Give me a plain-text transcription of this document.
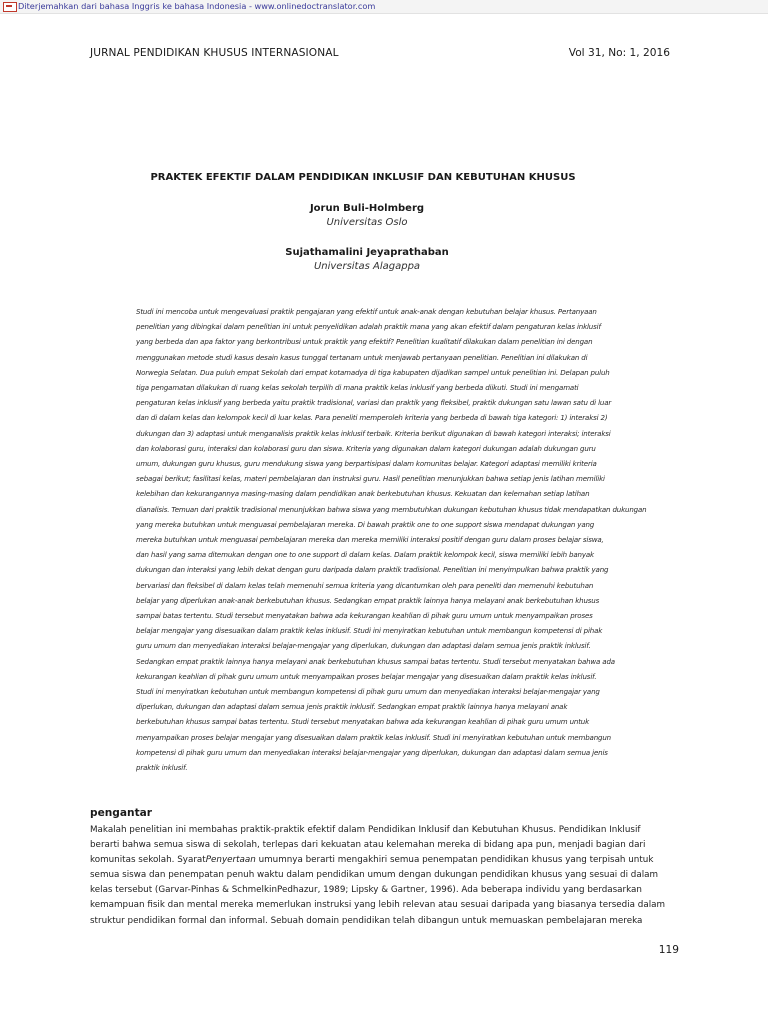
Diterjemahkan dari bahasa Inggris ke bahasa Indonesia - www.onlinedoctranslator.com
JURNAL PENDIDIKAN KHUSUS INTERNASIONAL	Vol 31, No: 1, 2016
PRAKTEK EFEKTIF DALAM PENDIDIKAN INKLUSIF DAN KEBUTUHAN KHUSUS
Jorun Buli-Holmberg
Universitas Oslo
Sujathamalini Jeyaprathaban
Universitas Alagappa
Studi ini mencoba untuk mengevaluasi praktik pengajaran yang efektif untuk anak-anak dengan kebutuhan belajar khusus. Pertanyaan
penelitian yang dibingkai dalam penelitian ini untuk penyelidikan adalah praktik mana yang akan efektif dalam pengaturan kelas inklusif
yang berbeda dan apa faktor yang berkontribusi untuk praktik yang efektif? Penelitian kualitatif dilakukan dalam penelitian ini dengan
menggunakan metode studi kasus desain kasus tunggal tertanam untuk menjawab pertanyaan penelitian. Penelitian ini dilakukan di
Norwegia Selatan. Dua puluh empat Sekolah dari empat kotamadya di tiga kabupaten dijadikan sampel untuk penelitian ini. Delapan puluh
tiga pengamatan dilakukan di ruang kelas sekolah terpilih di mana praktik kelas inklusif yang berbeda diikuti. Studi ini mengamati
pengaturan kelas inklusif yang berbeda yaitu praktik tradisional, variasi dan praktik yang fleksibel, praktik dukungan satu lawan satu di luar
dan di dalam kelas dan kelompok kecil di luar kelas. Para peneliti memperoleh kriteria yang berbeda di bawah tiga kategori: 1) interaksi 2)
dukungan dan 3) adaptasi untuk menganalisis praktik kelas inklusif terbaik. Kriteria berikut digunakan di bawah kategori interaksi; interaksi
dan kolaborasi guru, interaksi dan kolaborasi guru dan siswa. Kriteria yang digunakan dalam kategori dukungan adalah dukungan guru
umum, dukungan guru khusus, guru mendukung siswa yang berpartisipasi dalam komunitas belajar. Kategori adaptasi memiliki kriteria
sebagai berikut; fasilitasi kelas, materi pembelajaran dan instruksi guru. Hasil penelitian menunjukkan bahwa setiap jenis latihan memiliki
kelebihan dan kekurangannya masing-masing dalam pendidikan anak berkebutuhan khusus. Kekuatan dan kelemahan setiap latihan
dianalisis. Temuan dari praktik tradisional menunjukkan bahwa siswa yang membutuhkan dukungan kebutuhan khusus tidak mendapatkan dukungan
yang mereka butuhkan untuk menguasai pembelajaran mereka. Di bawah praktik one to one support siswa mendapat dukungan yang
mereka butuhkan untuk menguasai pembelajaran mereka dan mereka memiliki interaksi positif dengan guru dalam proses belajar siswa,
dan hasil yang sama ditemukan dengan one to one support di dalam kelas. Dalam praktik kelompok kecil, siswa memiliki lebih banyak
dukungan dan interaksi yang lebih dekat dengan guru daripada dalam praktik tradisional. Penelitian ini menyimpulkan bahwa praktik yang
bervariasi dan fleksibel di dalam kelas telah memenuhi semua kriteria yang dicantumkan oleh para peneliti dan memenuhi kebutuhan
belajar yang diperlukan anak-anak berkebutuhan khusus. Sedangkan empat praktik lainnya hanya melayani anak berkebutuhan khusus
sampai batas tertentu. Studi tersebut menyatakan bahwa ada kekurangan keahlian di pihak guru umum untuk menyampaikan proses
belajar mengajar yang disesuaikan dalam praktik kelas inklusif. Studi ini menyiratkan kebutuhan untuk membangun kompetensi di pihak
guru umum dan menyediakan interaksi belajar-mengajar yang diperlukan, dukungan dan adaptasi dalam semua jenis praktik inklusif.
Sedangkan empat praktik lainnya hanya melayani anak berkebutuhan khusus sampai batas tertentu. Studi tersebut menyatakan bahwa ada
kekurangan keahlian di pihak guru umum untuk menyampaikan proses belajar mengajar yang disesuaikan dalam praktik kelas inklusif.
Studi ini menyiratkan kebutuhan untuk membangun kompetensi di pihak guru umum dan menyediakan interaksi belajar-mengajar yang
diperlukan, dukungan dan adaptasi dalam semua jenis praktik inklusif. Sedangkan empat praktik lainnya hanya melayani anak
berkebutuhan khusus sampai batas tertentu. Studi tersebut menyatakan bahwa ada kekurangan keahlian di pihak guru umum untuk
menyampaikan proses belajar mengajar yang disesuaikan dalam praktik kelas inklusif. Studi ini menyiratkan kebutuhan untuk membangun
kompetensi di pihak guru umum dan menyediakan interaksi belajar-mengajar yang diperlukan, dukungan dan adaptasi dalam semua jenis
praktik inklusif.
pengantar
Makalah penelitian ini membahas praktik-praktik efektif dalam Pendidikan Inklusif dan Kebutuhan Khusus. Pendidikan Inklusif
berarti bahwa semua siswa di sekolah, terlepas dari kekuatan atau kelemahan mereka di bidang apa pun, menjadi bagian dari
komunitas sekolah. SyaratPenyertaan umumnya berarti mengakhiri semua penempatan pendidikan khusus yang terpisah untuk
semua siswa dan penempatan penuh waktu dalam pendidikan umum dengan dukungan pendidikan khusus yang sesuai di dalam
kelas tersebut (Garvar-Pinhas & SchmelkinPedhazur, 1989; Lipsky & Gartner, 1996). Ada beberapa individu yang berdasarkan
kemampuan fisik dan mental mereka memerlukan instruksi yang lebih relevan atau sesuai daripada yang biasanya tersedia dalam
struktur pendidikan formal dan informal. Sebuah domain pendidikan telah dibangun untuk memuaskan pembelajaran mereka
119
